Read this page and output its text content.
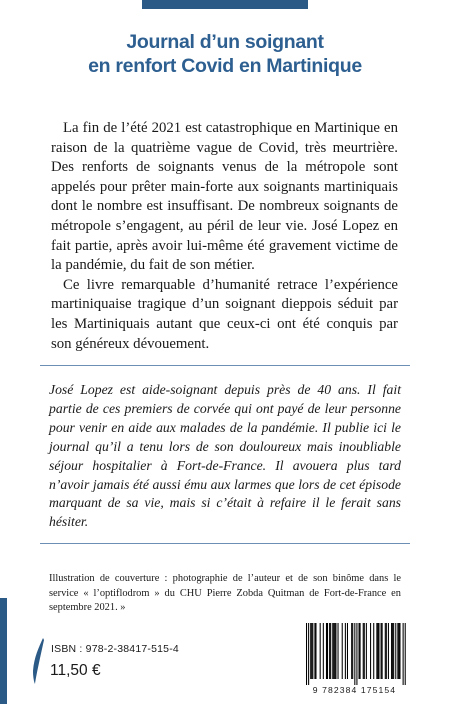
Journal d’un soignant
en renfort Covid en Martinique

La fin de l’été 2021 est catastrophique en Martinique en raison de la quatrième vague de Covid, très meurtrière. Des renforts de soignants venus de la métropole sont appelés pour prêter main-forte aux soignants martiniquais dont le nombre est insuffisant. De nombreux soignants de métropole s’engagent, au péril de leur vie. José Lopez en fait partie, après avoir lui-même été gravement victime de la pandémie, du fait de son métier.

Ce livre remarquable d’humanité retrace l’expérience martiniquaise tragique d’un soignant dieppois séduit par les Martiniquais autant que ceux-ci ont été conquis par son généreux dévouement.

José Lopez est aide-soignant depuis près de 40 ans. Il fait partie de ces premiers de corvée qui ont payé de leur personne pour venir en aide aux malades de la pandémie. Il publie ici le journal qu’il a tenu lors de son douloureux mais inoubliable séjour hospitalier à Fort-de-France. Il avouera plus tard n’avoir jamais été aussi ému aux larmes que lors de cet épisode marquant de sa vie, mais si c’était à refaire il le ferait sans hésiter.
Illustration de couverture : photographie de l’auteur et de son binôme dans le service « l’optiflodrom » du CHU Pierre Zobda Quitman de Fort-de-France en septembre 2021. »
ISBN : 978-2-38417-515-4
11,50 €
9 782384 175154
